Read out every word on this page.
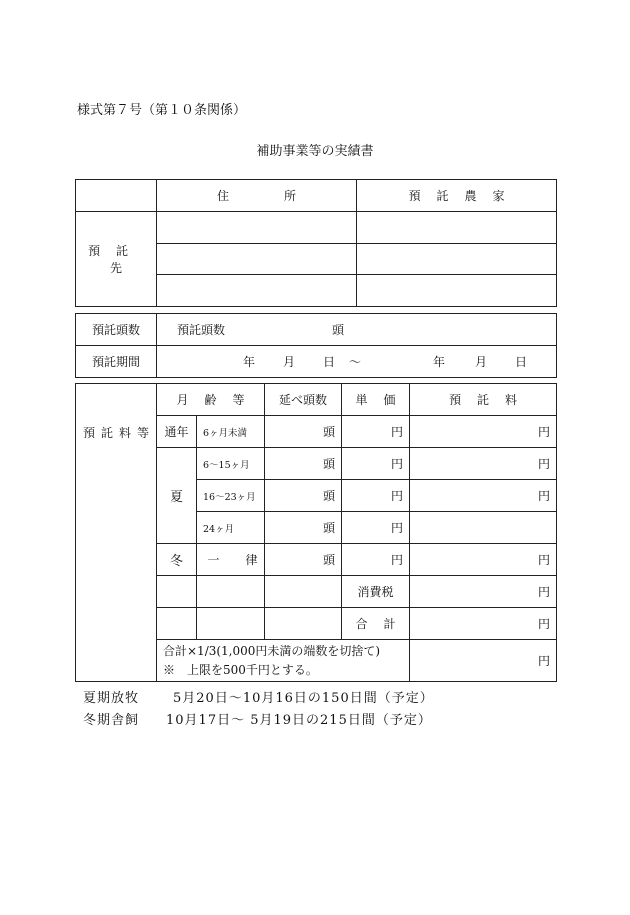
様式第７号（第１０条関係）
補助事業等の実績書
	住所	預託農家
預託先		

預託頭数	預託頭数 頭
預託期間	年 月 日 ～ 年 月 日
	月齢等		延べ頭数	単価	預託料
預託料等	通年	6ヶ月未満	頭	円	円
	夏	6～15ヶ月	頭	円	円
		16～23ヶ月	頭	円	円
		24ヶ月	頭	円	
	冬	一 律	頭	円	円
				消費税	円
				合計	円

	合計×1/3(1,000円未満の端数を切捨て)
※　上限を500千円とする。				円
夏期放牧	5月20日～10月16日の150日間（予定）
冬期舎飼 10月17日～ 5月19日の215日間（予定）
